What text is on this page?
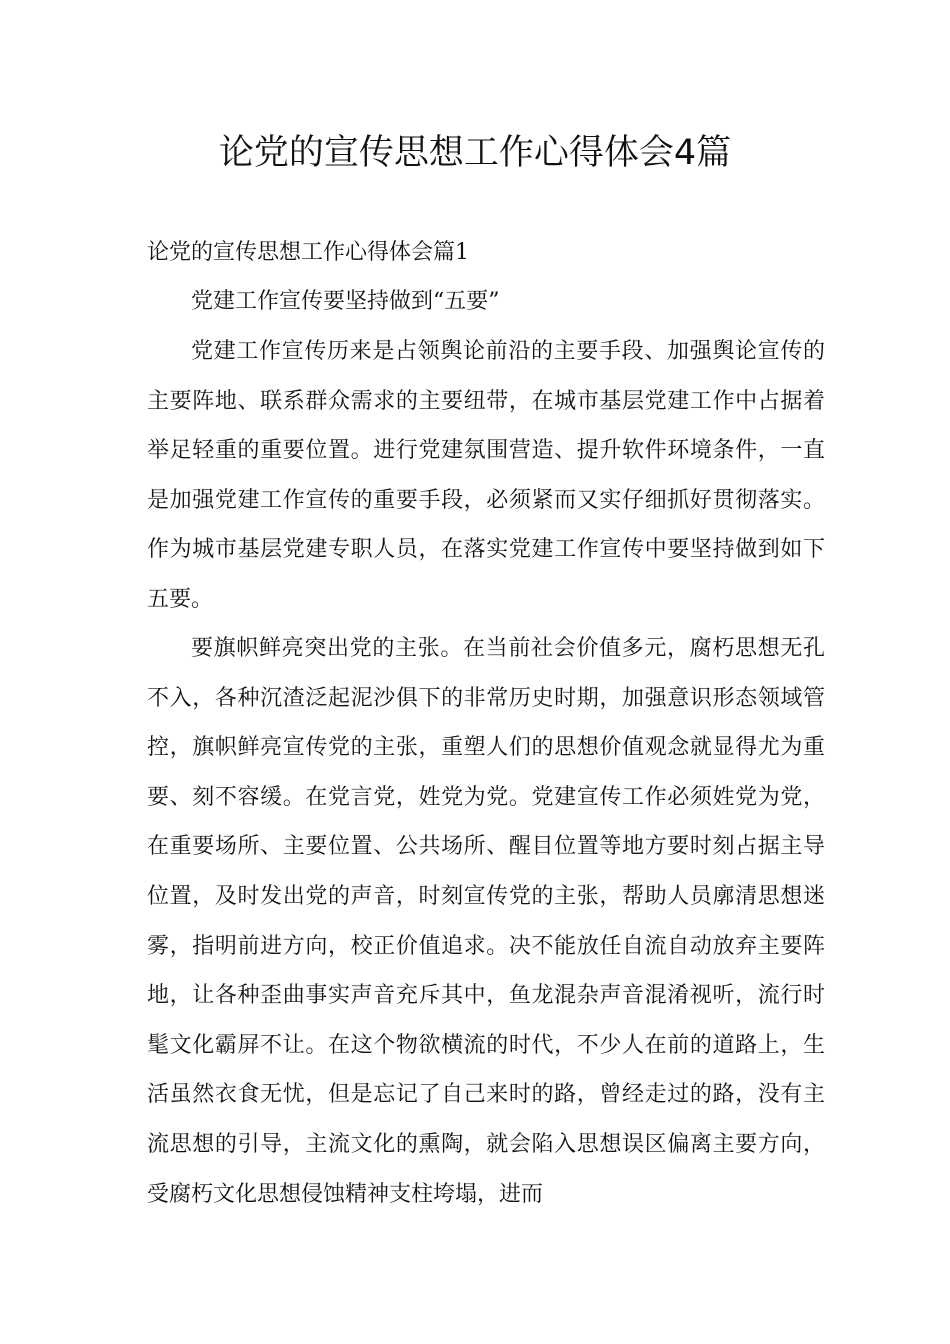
论党的宣传思想工作心得体会4篇

论党的宣传思想工作心得体会篇1

党建工作宣传要坚持做到“五要”

党建工作宣传历来是占领舆论前沿的主要手段、加强舆论宣传的主要阵地、联系群众需求的主要纽带，在城市基层党建工作中占据着举足轻重的重要位置。进行党建氛围营造、提升软件环境条件，一直是加强党建工作宣传的重要手段，必须紧而又实仔细抓好贯彻落实。作为城市基层党建专职人员，在落实党建工作宣传中要坚持做到如下五要。

要旗帜鲜亮突出党的主张。在当前社会价值多元，腐朽思想无孔不入，各种沉渣泛起泥沙俱下的非常历史时期，加强意识形态领域管控，旗帜鲜亮宣传党的主张，重塑人们的思想价值观念就显得尤为重要、刻不容缓。在党言党，姓党为党。党建宣传工作必须姓党为党，在重要场所、主要位置、公共场所、醒目位置等地方要时刻占据主导位置，及时发出党的声音，时刻宣传党的主张，帮助人员廓清思想迷雾，指明前进方向，校正价值追求。决不能放任自流自动放弃主要阵地，让各种歪曲事实声音充斥其中，鱼龙混杂声音混淆视听，流行时髦文化霸屏不让。在这个物欲横流的时代，不少人在前的道路上，生活虽然衣食无忧，但是忘记了自己来时的路，曾经走过的路，没有主流思想的引导，主流文化的熏陶，就会陷入思想误区偏离主要方向，受腐朽文化思想侵蚀精神支柱垮塌，进而
